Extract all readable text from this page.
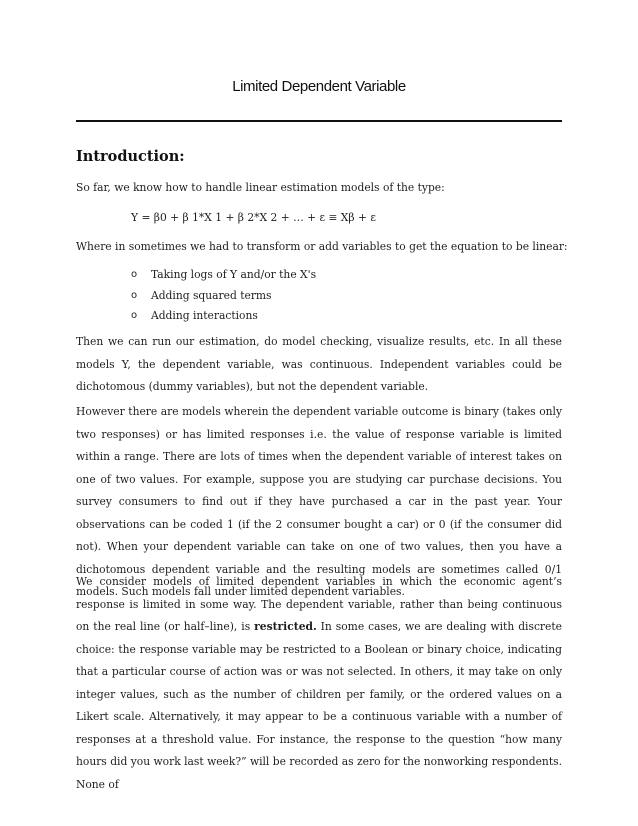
Limited Dependent Variable
Introduction:
So far, we know how to handle linear estimation models of the type:
Y = β0 + β 1*X 1 + β 2*X 2 + … + ε ≡ Xβ + ε
Where in sometimes we had to transform or add variables to get the equation to be linear:
o Taking logs of Y and/or the X's
o Adding squared terms
o Adding interactions
Then we can run our estimation, do model checking, visualize results, etc. In all these models Y, the dependent variable, was continuous. Independent variables could be dichotomous (dummy variables), but not the dependent variable.
However there are models wherein the dependent variable outcome is binary (takes only two responses) or has limited responses i.e. the value of response variable is limited within a range. There are lots of times when the dependent variable of interest takes on one of two values. For example, suppose you are studying car purchase decisions. You survey consumers to find out if they have purchased a car in the past year. Your observations can be coded 1 (if the 2 consumer bought a car) or 0 (if the consumer did not). When your dependent variable can take on one of two values, then you have a dichotomous dependent variable and the resulting models are sometimes called 0/1 models. Such models fall under limited dependent variables.
We consider models of limited dependent variables in which the economic agent’s response is limited in some way. The dependent variable, rather than being continuous on the real line (or half–line), is restricted. In some cases, we are dealing with discrete choice: the response variable may be restricted to a Boolean or binary choice, indicating that a particular course of action was or was not selected. In others, it may take on only integer values, such as the number of children per family, or the ordered values on a Likert scale. Alternatively, it may appear to be a continuous variable with a number of responses at a threshold value. For instance, the response to the question “how many hours did you work last week?” will be recorded as zero for the nonworking respondents. None of
